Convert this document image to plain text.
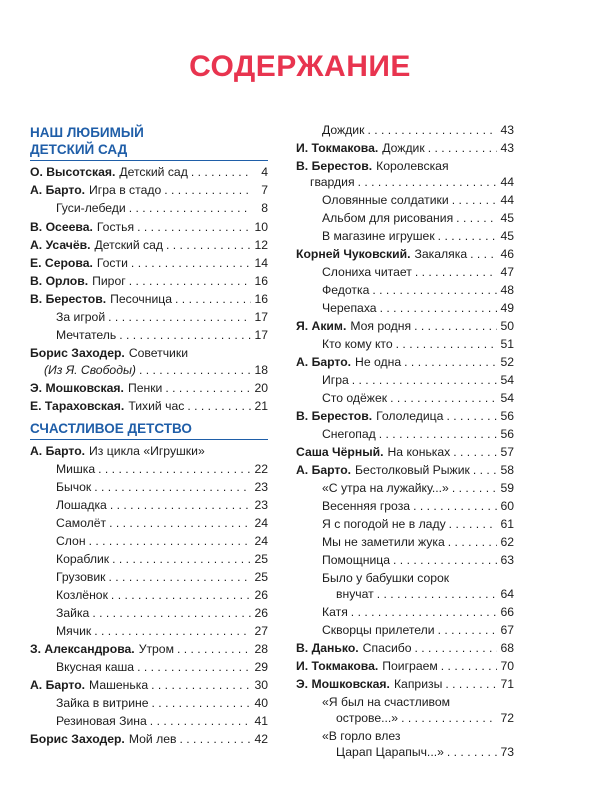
СОДЕРЖАНИЕ
НАШ ЛЮБИМЫЙ
ДЕТСКИЙ САД
О. Высотская. Детский сад . . .	4
А. Барто. Игра в стадо . . .	7
Гуси-лебеди . . .	8
В. Осеева. Гостья . . .	10
А. Усачёв. Детский сад . . .	12
Е. Серова. Гости . . .	14
В. Орлов. Пирог . . .	16
В. Берестов. Песочница . . .	16
За игрой . . .	17
Мечтатель . . .	17
Борис Заходер. Советчики
(Из Я. Свободы) . . .	18
Э. Мошковская. Пенки . . .	20
Е. Тараховская. Тихий час . . .	21
СЧАСТЛИВОЕ ДЕТСТВО
А. Барто. Из цикла «Игрушки»
Мишка . . .	22
Бычок . . .	23
Лошадка . . .	23
Самолёт . . .	24
Слон . . .	24
Кораблик . . .	25
Грузовик . . .	25
Козлёнок . . .	26
Зайка . . .	26
Мячик . . .	27
З. Александрова. Утром . . .	28
Вкусная каша . . .	29
А. Барто. Машенька . . .	30
Зайка в витрине . . .	40
Резиновая Зина . . .	41
Борис Заходер. Мой лев . . .	42
Дождик . . .	43
И. Токмакова. Дождик . . .	43
В. Берестов. Королевская
гвардия . . .	44
Оловянные солдатики . . .	44
Альбом для рисования . . .	45
В магазине игрушек . . .	45
Корней Чуковский. Закаляка . . .	46
Слониха читает . . .	47
Федотка . . .	48
Черепаха . . .	49
Я. Аким. Моя родня . . .	50
Кто кому кто . . .	51
А. Барто. Не одна . . .	52
Игра . . .	54
Сто одёжек . . .	54
В. Берестов. Гололедица . . .	56
Снегопад . . .	56
Саша Чёрный. На коньках . . .	57
А. Барто. Бестолковый Рыжик . . .	58
«С утра на лужайку...» . . .	59
Весенняя гроза . . .	60
Я с погодой не в ладу . . .	61
Мы не заметили жука . . .	62
Помощница . . .	63
Было у бабушки сорок
внучат . . .	64
Катя . . .	66
Скворцы прилетели . . .	67
В. Данько. Спасибо . . .	68
И. Токмакова. Поиграем . . .	70
Э. Мошковская. Капризы . . .	71
«Я был на счастливом
острове...» . . .	72
«В горло влез
Царап Царапыч...» . . .	73
